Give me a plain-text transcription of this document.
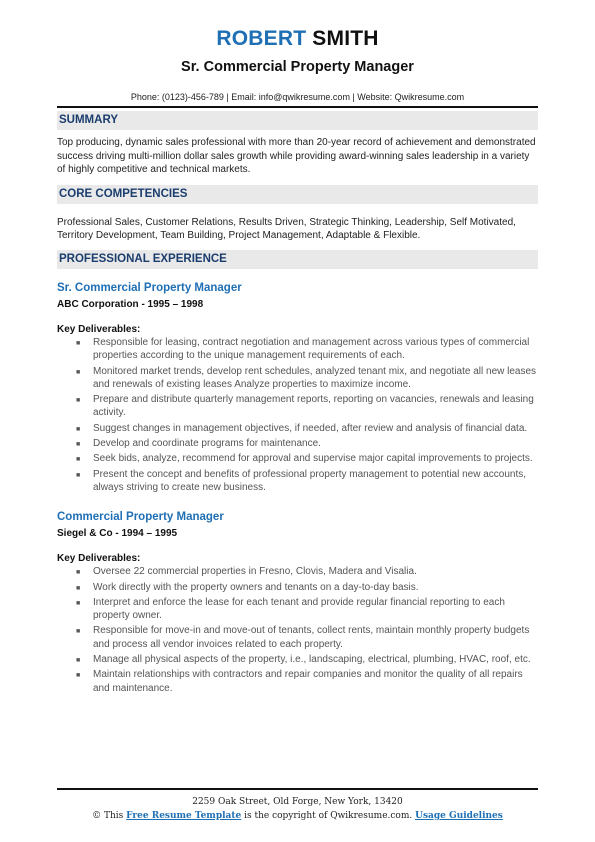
ROBERT SMITH
Sr. Commercial Property Manager
Phone: (0123)-456-789 | Email: info@qwikresume.com | Website: Qwikresume.com
SUMMARY
Top producing, dynamic sales professional with more than 20-year record of achievement and demonstrated success driving multi-million dollar sales growth while providing award-winning sales leadership in a variety of highly competitive and technical markets.
CORE COMPETENCIES
Professional Sales, Customer Relations, Results Driven, Strategic Thinking, Leadership, Self Motivated, Territory Development, Team Building, Project Management, Adaptable & Flexible.
PROFESSIONAL EXPERIENCE
Sr. Commercial Property Manager
ABC Corporation - 1995 – 1998
Key Deliverables:
■ Responsible for leasing, contract negotiation and management across various types of commercial properties according to the unique management requirements of each.
■ Monitored market trends, develop rent schedules, analyzed tenant mix, and negotiate all new leases and renewals of existing leases Analyze properties to maximize income.
■ Prepare and distribute quarterly management reports, reporting on vacancies, renewals and leasing activity.
■ Suggest changes in management objectives, if needed, after review and analysis of financial data.
■ Develop and coordinate programs for maintenance.
■ Seek bids, analyze, recommend for approval and supervise major capital improvements to projects.
■ Present the concept and benefits of professional property management to potential new accounts, always striving to create new business.
Commercial Property Manager
Siegel & Co - 1994 – 1995
Key Deliverables:
■ Oversee 22 commercial properties in Fresno, Clovis, Madera and Visalia.
■ Work directly with the property owners and tenants on a day-to-day basis.
■ Interpret and enforce the lease for each tenant and provide regular financial reporting to each property owner.
■ Responsible for move-in and move-out of tenants, collect rents, maintain monthly property budgets and process all vendor invoices related to each property.
■ Manage all physical aspects of the property, i.e., landscaping, electrical, plumbing, HVAC, roof, etc.
■ Maintain relationships with contractors and repair companies and monitor the quality of all repairs and maintenance.
2259 Oak Street, Old Forge, New York, 13420
© This Free Resume Template is the copyright of Qwikresume.com. Usage Guidelines
